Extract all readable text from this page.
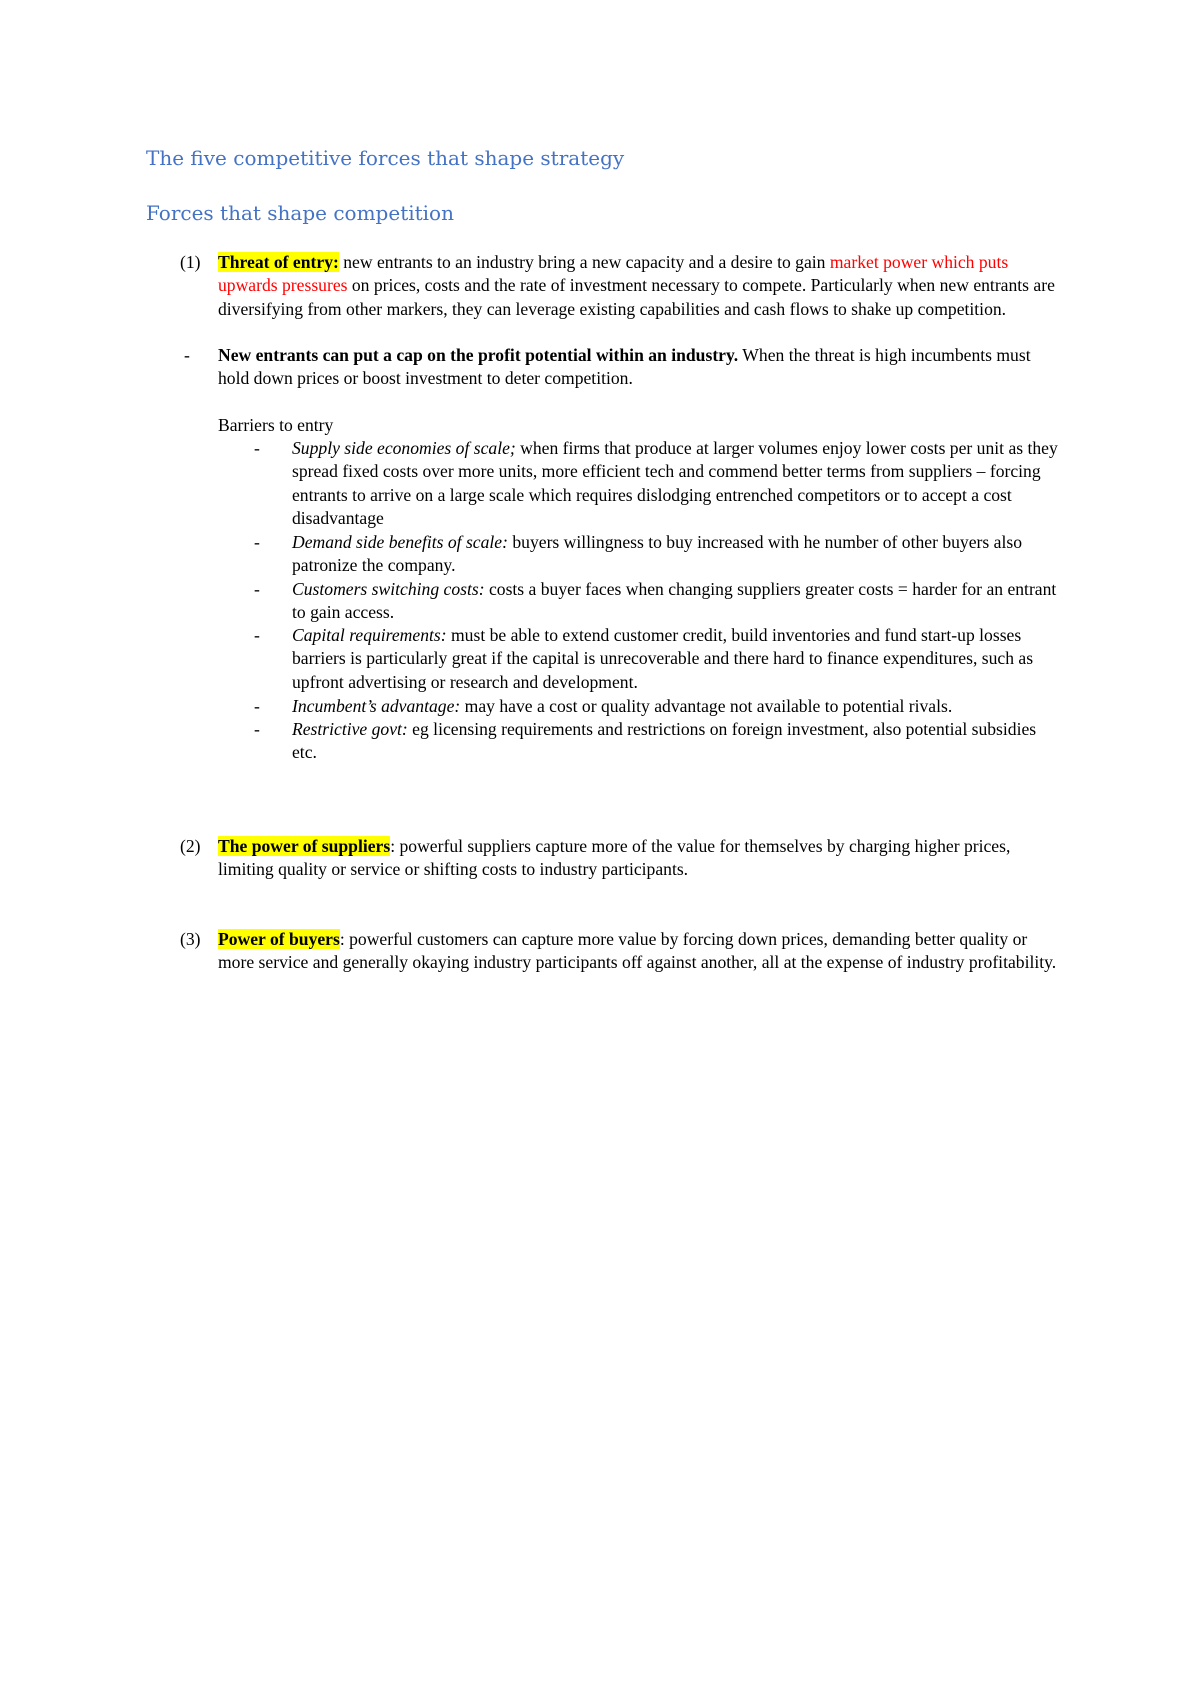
The five competitive forces that shape strategy
Forces that shape competition
(1) Threat of entry: new entrants to an industry bring a new capacity and a desire to gain market power which puts upwards pressures on prices, costs and the rate of investment necessary to compete. Particularly when new entrants are diversifying from other markers, they can leverage existing capabilities and cash flows to shake up competition.
- New entrants can put a cap on the profit potential within an industry. When the threat is high incumbents must hold down prices or boost investment to deter competition.
Barriers to entry
- Supply side economies of scale; when firms that produce at larger volumes enjoy lower costs per unit as they spread fixed costs over more units, more efficient tech and commend better terms from suppliers – forcing entrants to arrive on a large scale which requires dislodging entrenched competitors or to accept a cost disadvantage
- Demand side benefits of scale: buyers willingness to buy increased with he number of other buyers also patronize the company.
- Customers switching costs: costs a buyer faces when changing suppliers greater costs = harder for an entrant to gain access.
- Capital requirements: must be able to extend customer credit, build inventories and fund start-up losses barriers is particularly great if the capital is unrecoverable and there hard to finance expenditures, such as upfront advertising or research and development.
- Incumbent’s advantage: may have a cost or quality advantage not available to potential rivals.
- Restrictive govt: eg licensing requirements and restrictions on foreign investment, also potential subsidies etc.
(2) The power of suppliers: powerful suppliers capture more of the value for themselves by charging higher prices, limiting quality or service or shifting costs to industry participants.
(3) Power of buyers: powerful customers can capture more value by forcing down prices, demanding better quality or more service and generally okaying industry participants off against another, all at the expense of industry profitability.
